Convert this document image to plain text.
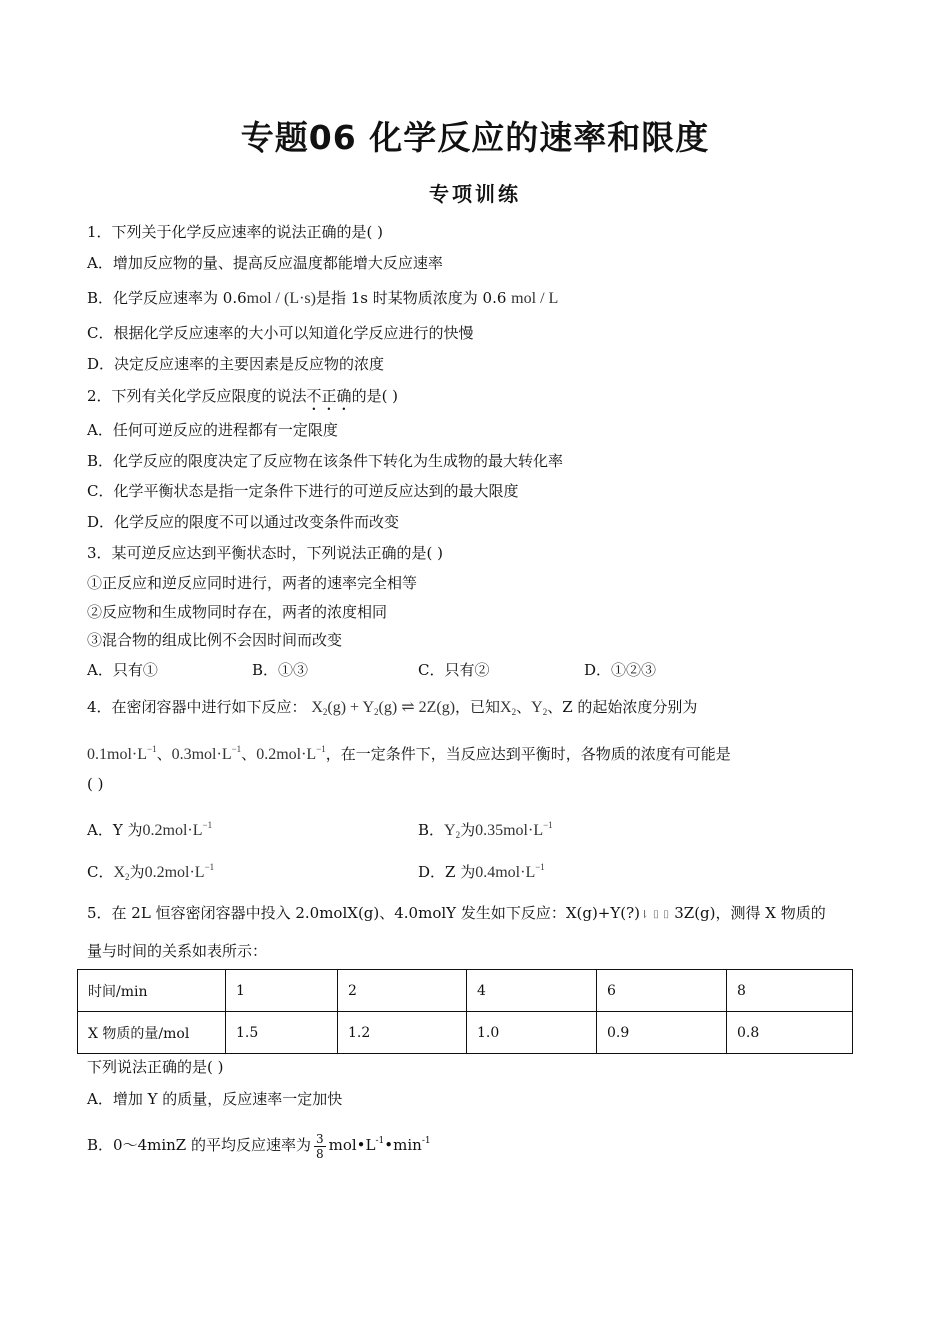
专题06 化学反应的速率和限度
专项训练
1．下列关于化学反应速率的说法正确的是( )
A．增加反应物的量、提高反应温度都能增大反应速率
B．化学反应速率为 0.6mol / (L·s)是指 1s 时某物质浓度为 0.6 mol / L
C．根据化学反应速率的大小可以知道化学反应进行的快慢
D．决定反应速率的主要因素是反应物的浓度
2．下列有关化学反应限度的说法不正确的是( )
A．任何可逆反应的进程都有一定限度
B．化学反应的限度决定了反应物在该条件下转化为生成物的最大转化率
C．化学平衡状态是指一定条件下进行的可逆反应达到的最大限度
D．化学反应的限度不可以通过改变条件而改变
3．某可逆反应达到平衡状态时，下列说法正确的是( )
①正反应和逆反应同时进行，两者的速率完全相等
②反应物和生成物同时存在，两者的浓度相同
③混合物的组成比例不会因时间而改变
A．只有①	B．①③	C．只有②	D．①②③
4．在密闭容器中进行如下反应： $X_2(g) + Y_2(g)$ ⇌ 2Z(g)，已知$X_2$、$Y_2$、Z 的起始浓度分别为
$0.1mol\cdot L^{-1}$、$0.3mol\cdot L^{-1}$、$0.2mol\cdot L^{-1}$，在一定条件下，当反应达到平衡时，各物质的浓度有可能是
( )
A．Y 为$0.2mol\cdot L^{-1}$	B．$Y_2$为$0.35mol\cdot L^{-1}$
C．$X_2$为$0.2mol\cdot L^{-1}$	D．Z 为$0.4mol\cdot L^{-1}$
5．在 2L 恒容密闭容器中投入 2.0molX(g)、4.0molY 发生如下反应：X(g)+Y(?)⇂ ⌷ ⌷ 3Z(g)，测得 X 物质的
量与时间的关系如表所示：
时间/min	1	2	4	6	8
X 物质的量/mol	1.5	1.2	1.0	0.9	0.8
下列说法正确的是( )
A．增加 Y 的质量，反应速率一定加快
B．0～4minZ 的平均反应速率为 $\frac{3}{8}$ $mol•L^{-1}•\min^{-1}$
